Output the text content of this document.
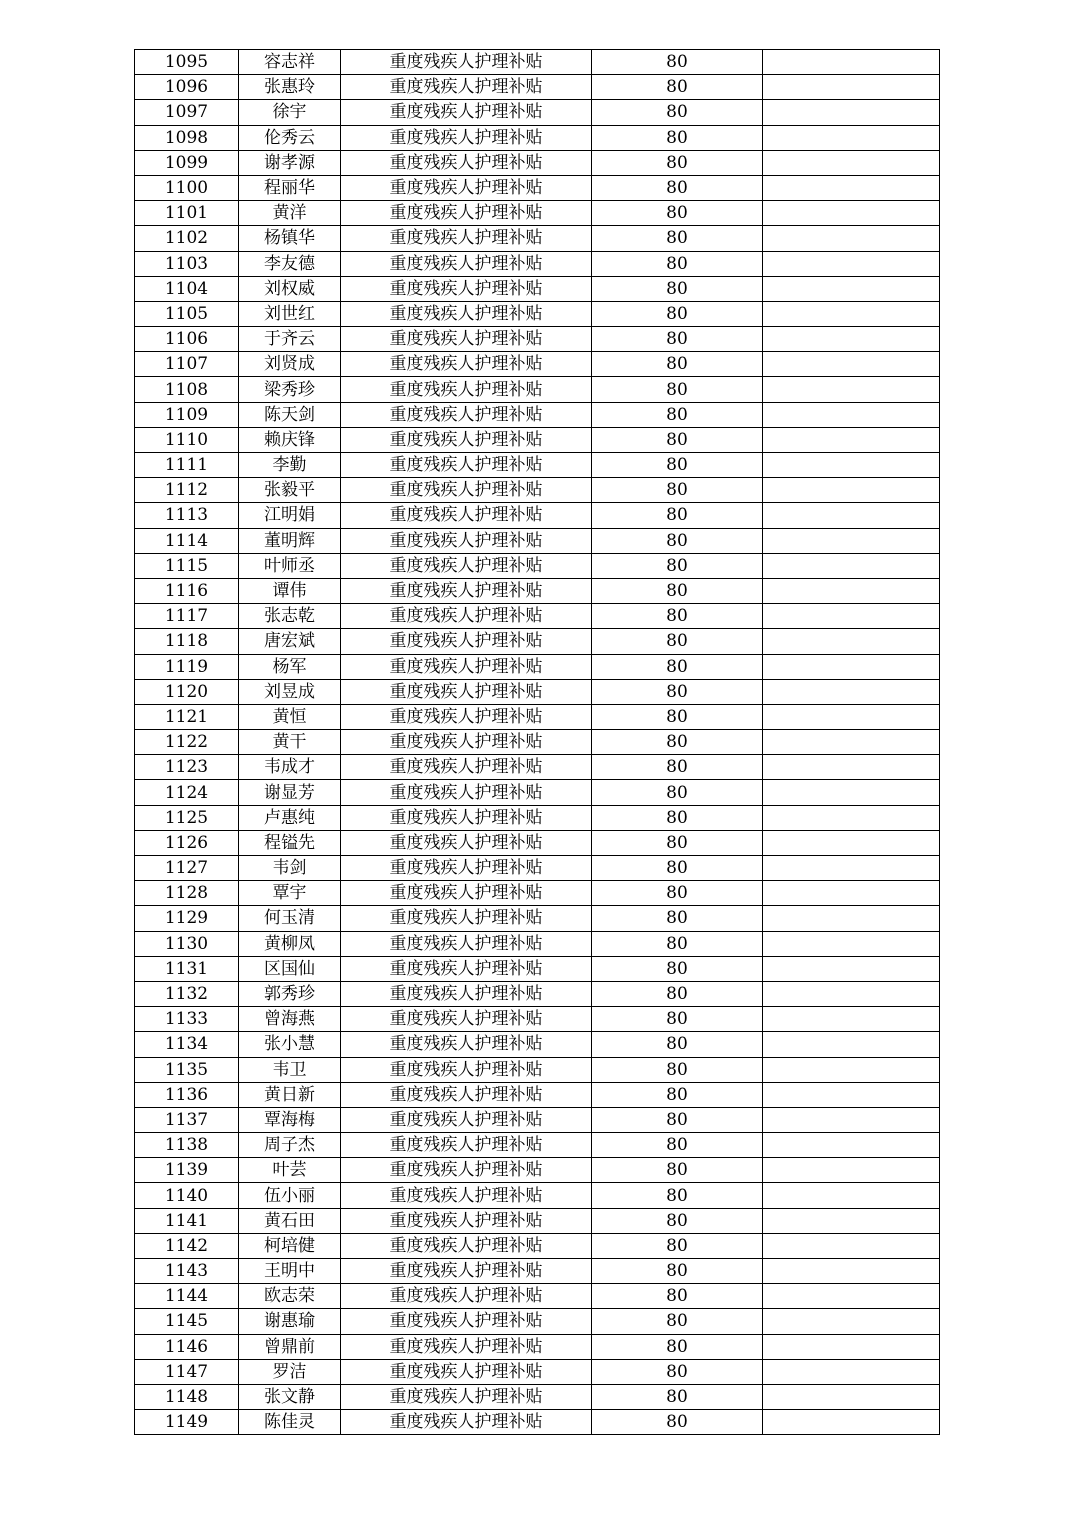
1095	容志祥	重度残疾人护理补贴	80	
1096	张惠玲	重度残疾人护理补贴	80	
1097	徐宇	重度残疾人护理补贴	80	
1098	伦秀云	重度残疾人护理补贴	80	
1099	谢孝源	重度残疾人护理补贴	80	
1100	程丽华	重度残疾人护理补贴	80	
1101	黄洋	重度残疾人护理补贴	80	
1102	杨镇华	重度残疾人护理补贴	80	
1103	李友德	重度残疾人护理补贴	80	
1104	刘权威	重度残疾人护理补贴	80	
1105	刘世红	重度残疾人护理补贴	80	
1106	于齐云	重度残疾人护理补贴	80	
1107	刘贤成	重度残疾人护理补贴	80	
1108	梁秀珍	重度残疾人护理补贴	80	
1109	陈天剑	重度残疾人护理补贴	80	
1110	赖庆锋	重度残疾人护理补贴	80	
1111	李勤	重度残疾人护理补贴	80	
1112	张毅平	重度残疾人护理补贴	80	
1113	江明娟	重度残疾人护理补贴	80	
1114	董明辉	重度残疾人护理补贴	80	
1115	叶师丞	重度残疾人护理补贴	80	
1116	谭伟	重度残疾人护理补贴	80	
1117	张志乾	重度残疾人护理补贴	80	
1118	唐宏斌	重度残疾人护理补贴	80	
1119	杨军	重度残疾人护理补贴	80	
1120	刘昱成	重度残疾人护理补贴	80	
1121	黄恒	重度残疾人护理补贴	80	
1122	黄干	重度残疾人护理补贴	80	
1123	韦成才	重度残疾人护理补贴	80	
1124	谢显芳	重度残疾人护理补贴	80	
1125	卢惠纯	重度残疾人护理补贴	80	
1126	程镒先	重度残疾人护理补贴	80	
1127	韦剑	重度残疾人护理补贴	80	
1128	覃宇	重度残疾人护理补贴	80	
1129	何玉清	重度残疾人护理补贴	80	
1130	黄柳凤	重度残疾人护理补贴	80	
1131	区国仙	重度残疾人护理补贴	80	
1132	郭秀珍	重度残疾人护理补贴	80	
1133	曾海燕	重度残疾人护理补贴	80	
1134	张小慧	重度残疾人护理补贴	80	
1135	韦卫	重度残疾人护理补贴	80	
1136	黄日新	重度残疾人护理补贴	80	
1137	覃海梅	重度残疾人护理补贴	80	
1138	周子杰	重度残疾人护理补贴	80	
1139	叶芸	重度残疾人护理补贴	80	
1140	伍小丽	重度残疾人护理补贴	80	
1141	黄石田	重度残疾人护理补贴	80	
1142	柯培健	重度残疾人护理补贴	80	
1143	王明中	重度残疾人护理补贴	80	
1144	欧志荣	重度残疾人护理补贴	80	
1145	谢惠瑜	重度残疾人护理补贴	80	
1146	曾鼎前	重度残疾人护理补贴	80	
1147	罗洁	重度残疾人护理补贴	80	
1148	张文静	重度残疾人护理补贴	80	
1149	陈佳灵	重度残疾人护理补贴	80	
